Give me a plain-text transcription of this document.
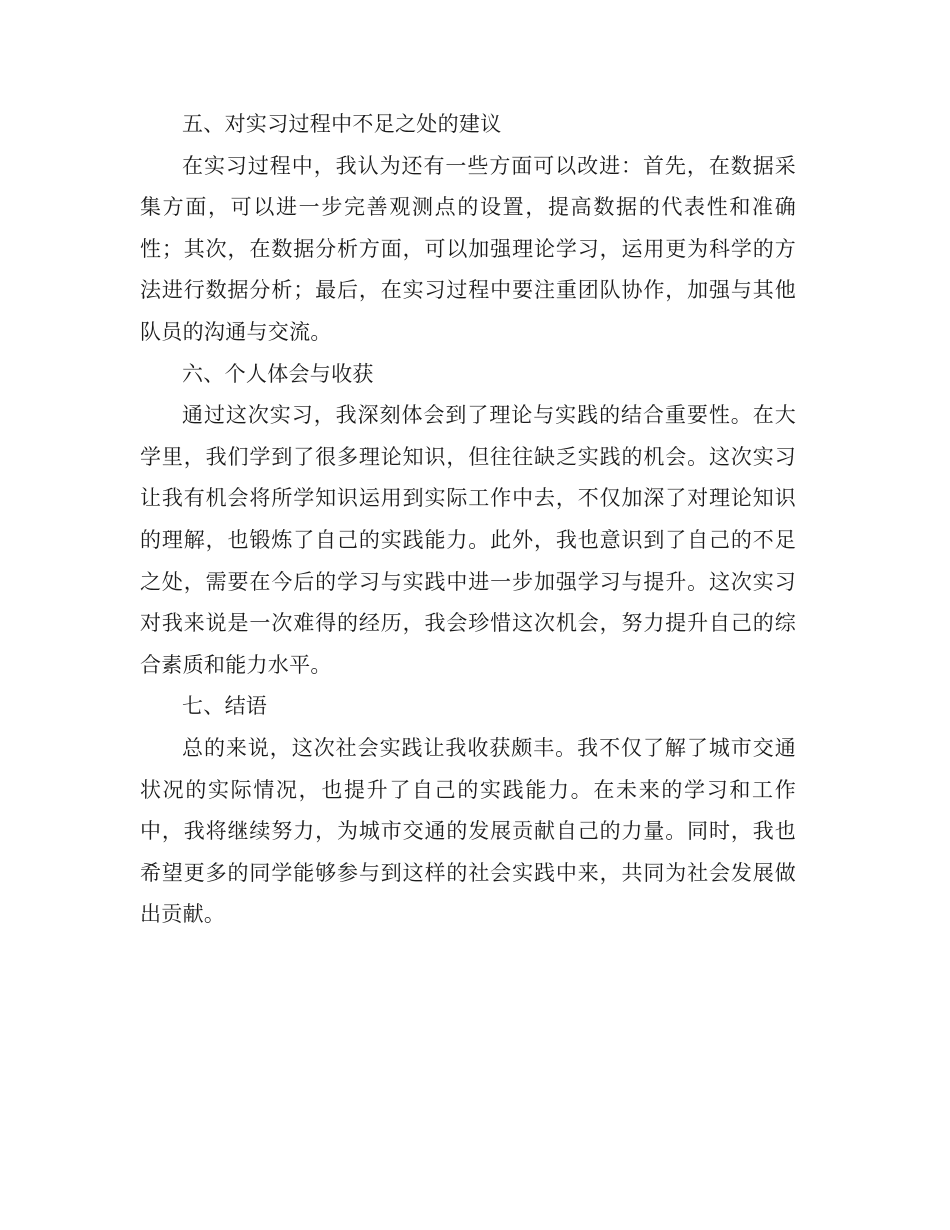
五、对实习过程中不足之处的建议

在实习过程中，我认为还有一些方面可以改进：首先，在数据采集方面，可以进一步完善观测点的设置，提高数据的代表性和准确性；其次，在数据分析方面，可以加强理论学习，运用更为科学的方法进行数据分析；最后，在实习过程中要注重团队协作，加强与其他队员的沟通与交流。

六、个人体会与收获

通过这次实习，我深刻体会到了理论与实践的结合重要性。在大学里，我们学到了很多理论知识，但往往缺乏实践的机会。这次实习让我有机会将所学知识运用到实际工作中去，不仅加深了对理论知识的理解，也锻炼了自己的实践能力。此外，我也意识到了自己的不足之处，需要在今后的学习与实践中进一步加强学习与提升。这次实习对我来说是一次难得的经历，我会珍惜这次机会，努力提升自己的综合素质和能力水平。

七、结语

总的来说，这次社会实践让我收获颇丰。我不仅了解了城市交通状况的实际情况，也提升了自己的实践能力。在未来的学习和工作中，我将继续努力，为城市交通的发展贡献自己的力量。同时，我也希望更多的同学能够参与到这样的社会实践中来，共同为社会发展做出贡献。
